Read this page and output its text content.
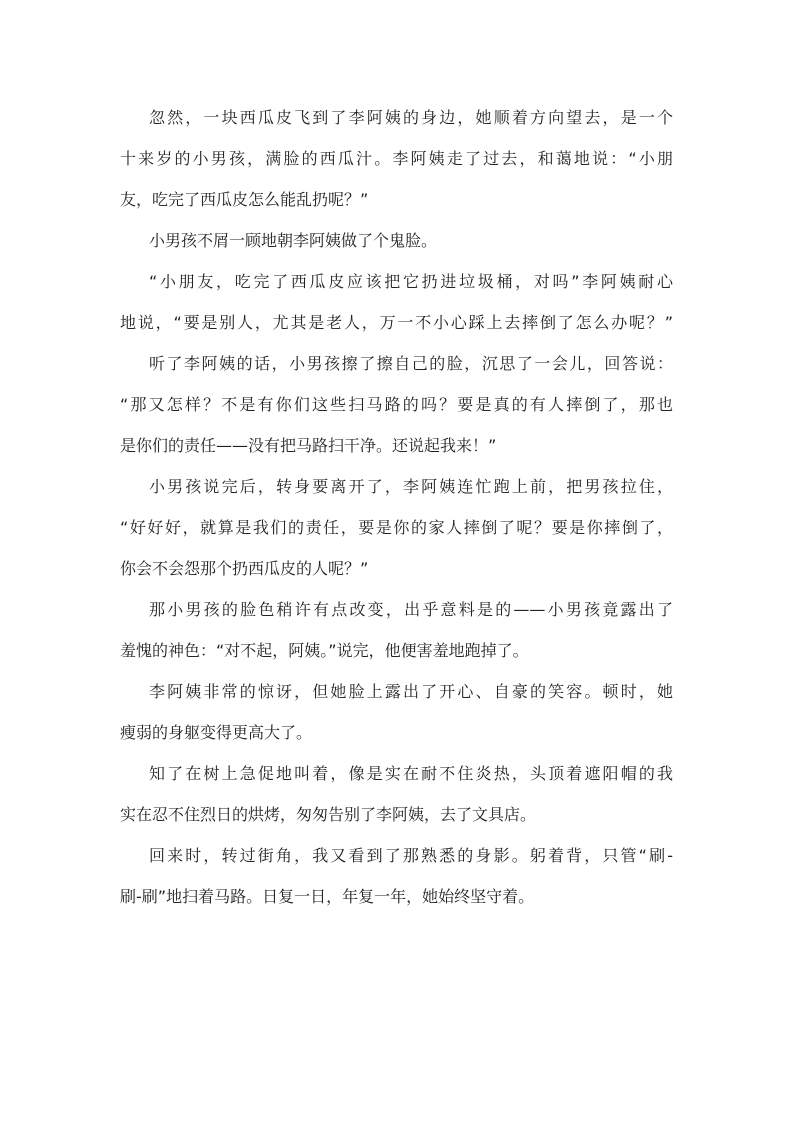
忽然，一块西瓜皮飞到了李阿姨的身边，她顺着方向望去，是一个
十来岁的小男孩，满脸的西瓜汁。李阿姨走了过去，和蔼地说：“小朋
友，吃完了西瓜皮怎么能乱扔呢？”
小男孩不屑一顾地朝李阿姨做了个鬼脸。
“小朋友，吃完了西瓜皮应该把它扔进垃圾桶，对吗”李阿姨耐心
地说，“要是别人，尤其是老人，万一不小心踩上去摔倒了怎么办呢？”
听了李阿姨的话，小男孩擦了擦自己的脸，沉思了一会儿，回答说：
“那又怎样？不是有你们这些扫马路的吗？要是真的有人摔倒了，那也
是你们的责任——没有把马路扫干净。还说起我来！”
小男孩说完后，转身要离开了，李阿姨连忙跑上前，把男孩拉住，
“好好好，就算是我们的责任，要是你的家人摔倒了呢？要是你摔倒了，
你会不会怨那个扔西瓜皮的人呢？”
那小男孩的脸色稍许有点改变，出乎意料是的——小男孩竟露出了
羞愧的神色：“对不起，阿姨。”说完，他便害羞地跑掉了。
李阿姨非常的惊讶，但她脸上露出了开心、自豪的笑容。顿时，她
瘦弱的身躯变得更高大了。
知了在树上急促地叫着，像是实在耐不住炎热，头顶着遮阳帽的我
实在忍不住烈日的烘烤，匆匆告别了李阿姨，去了文具店。
回来时，转过街角，我又看到了那熟悉的身影。躬着背，只管“刷-
刷-刷”地扫着马路。日复一日，年复一年，她始终坚守着。
